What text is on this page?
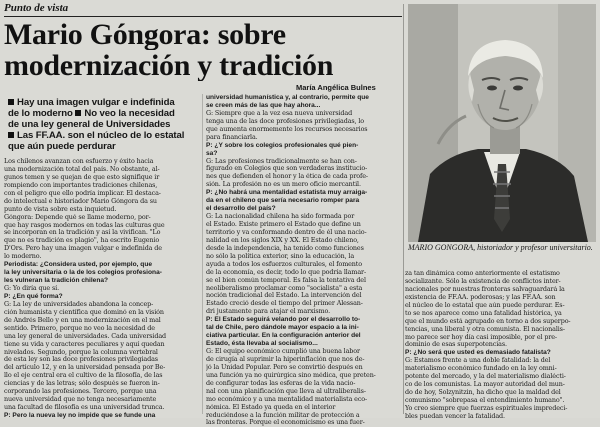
Punto de vista
Mario Góngora: sobre
modernización y tradición
Hay una imagen vulgar e indefinida
de lo moderno No veo la necesidad
de una ley general de Universidades
Las FF.AA. son el núcleo de lo estatal
que aún puede perdurar
María Angélica Bulnes
Los chilenos avanzan con esfuerzo y éxito hacia
una modernización total del país. No obstante, al-
gunos temen y se quejan de que esto signifique ir
rompiendo con importantes tradiciones chilenas,
con el peligro que ello podría implicar. El destaca-
do intelectual e historiador Mario Góngora da su
punto de vista sobre esta inquietud.
Góngora: Depende qué se llame moderno, por-
que hay rasgos modernos en todas las culturas que
se incorporan en la tradición y así la vivifican. "Lo
que no es tradición es plagio", ha escrito Eugenio
D'Ors. Pero hay una imagen vulgar e indefinida de
lo moderno.
Periodista: ¿Considera usted, por ejemplo, que
la ley universitaria o la de los colegios profesiona-
les vulneran la tradición chilena?
G: Yo diría que sí.
P: ¿En qué forma?
G: La ley de universidades abandona la concep-
ción humanista y científica que dominó en la visión
de Andrés Bello y en una modernización en el mal
sentido. Primero, porque no veo la necesidad de
una ley general de universidades. Cada universidad
tiene su vida y caracteres peculiares y aquí quedan
nivelados. Segundo, porque la columna vertebral
de esta ley son las doce profesiones privilegiadas
del artículo 12, y en la universidad pensada por Be-
llo el eje central era el cultivo de la filosofía, de las
ciencias y de las letras; sólo después se fueron in-
corporando las profesiones. Tercero, porque una
nueva universidad que no tenga necesariamente
una facultad de filosofía es una universidad trunca.
P: Pero la nueva ley no impide que se funde una
universidad humanística y, al contrario, permite que
se creen más de las que hay ahora...
G: Siempre que a la vez esa nueva universidad
tenga una de las doce profesiones privilegiadas, lo
que aumenta enormemente los recursos necesarios
para financiarla.
P: ¿Y sobre los colegios profesionales qué pien-
sa?
G: Las profesiones tradicionalmente se han con-
figurado en Colegios que son verdaderas institucio-
nes que defienden el honor y la ética de cada profe-
sión. La profesión no es un mero oficio mercantil.
P: ¿No habrá una mentalidad estatista muy arraiga-
da en el chileno que sería necesario romper para
el desarrollo del país?
G: La nacionalidad chilena ha sido formada por
el Estado. Existe primero el Estado que define un
territorio y va conformando dentro de él una nacio-
nalidad en los siglos XIX y XX. El Estado chileno,
desde la independencia, ha tenido como funciones
no sólo la política exterior, sino la educación, la
ayuda a todos los esfuerzos culturales, el fomento
de la economía, es decir, todo lo que podría llamar-
se el bien común temporal. Es falsa la tentativa del
neoliberalismo proclamar como "socialista" a esta
noción tradicional del Estado. La intervención del
Estado creció desde el tiempo del primer Alessan-
dri justamente para atajar el marxismo.
P: El Estado seguirá velando por el desarrollo to-
tal de Chile, pero dándole mayor espacio a la ini-
ciativa particular. En la configuración anterior del
Estado, ésta llevaba al socialismo...
G: El equipo económico cumplió una buena labor
de cirugía al suprimir la hiperinflación que nos de-
jó la Unidad Popular. Pero se convirtió después en
una función ya no quirúrgica sino médica, que preten-
de configurar todas las esferas de la vida nacio-
nal con una planificación que lleva al ultraliberalis-
mo económico y a una mentalidad materialista eco-
nómica. El Estado ya queda en el interior
reduciéndose a la función militar de protección a
las fronteras. Porque el economicismo es una fuer-
za tan dinámica como anteriormente el estatismo
socializante. Sólo la existencia de conflictos inter-
nacionales por nuestras fronteras salvaguardará la
existencia de FF.AA. poderosas; y las FF.AA. son
el núcleo de lo estatal que aún puede perdurar. Es-
to se nos aparece como una fatalidad histórica, ya
que el mundo está agrupado en torno a dos superpo-
tencias, una liberal y otra comunista. El nacionalis-
mo parece ser hoy día casi imposible, por el pre-
dominio de esas superpotencias.
P: ¿No será que usted es demasiado fatalista?
G: Estamos frente a una doble fatalidad: la del
materialismo económico fundado en la ley omni-
potente del mercado, y la del materialismo dialécti-
co de los comunistas. La mayor autoridad del mun-
do de hoy, Solzynitzin, ha dicho que la maldad del
comunismo "sobrepasa el entendimiento humano".
Yo creo siempre que fuerzas espirituales impredeci-
bles puedan vencer la fatalidad.
MARIO GONGORA, historiador y profesor universitario.
